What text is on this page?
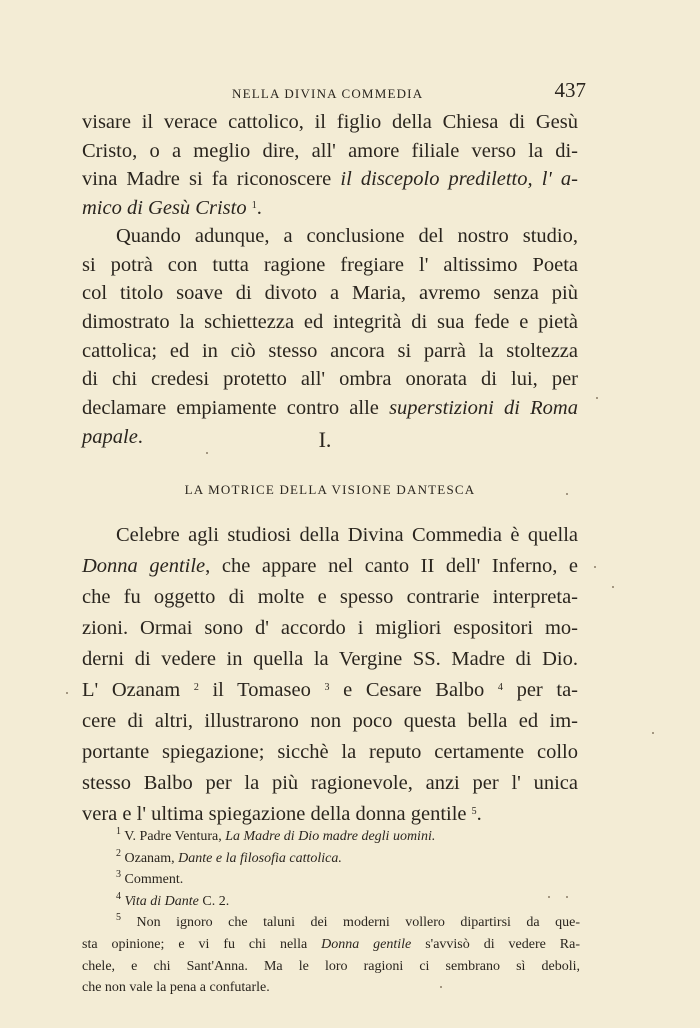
NELLA DIVINA COMMEDIA	437
visare il verace cattolico, il figlio della Chiesa di Gesù
Cristo, o a meglio dire, all' amore filiale verso la di-
vina Madre si fa riconoscere il discepolo prediletto, l' a-
mico di Gesù Cristo $^1$.
Quando adunque, a conclusione del nostro studio,
si potrà con tutta ragione fregiare l' altissimo Poeta
col titolo soave di divoto a Maria, avremo senza più
dimostrato la schiettezza ed integrità di sua fede e pietà
cattolica; ed in ciò stesso ancora si parrà la stoltezza
di chi credesi protetto all' ombra onorata di lui, per
declamare empiamente contro alle superstizioni di Roma
papale.	I.
LA MOTRICE DELLA VISIONE DANTESCA
Celebre agli studiosi della Divina Commedia è quella
Donna gentile, che appare nel canto II dell' Inferno, e
che fu oggetto di molte e spesso contrarie interpreta-
zioni. Ormai sono d' accordo i migliori espositori mo-
derni di vedere in quella la Vergine SS. Madre di Dio.
L' Ozanam $^2$ il Tomaseo $^3$ e Cesare Balbo $^4$ per ta-
cere di altri, illustrarono non poco questa bella ed im-
portante spiegazione; sicchè la reputo certamente collo
stesso Balbo per la più ragionevole, anzi per l' unica
vera e l' ultima spiegazione della donna gentile $^5$.
$^1$ V. Padre Ventura, La Madre di Dio madre degli uomini.
$^2$ Ozanam, Dante e la filosofia cattolica.
$^3$ Comment.
$^4$ Vita di Dante C. 2.
$^5$ Non ignoro che taluni dei moderni vollero dipartirsi da que-
sta opinione; e vi fu chi nella Donna gentile s'avvisò di vedere Ra-
chele, e chi Sant'Anna. Ma le loro ragioni ci sembrano sì deboli,
che non vale la pena a confutarle.
